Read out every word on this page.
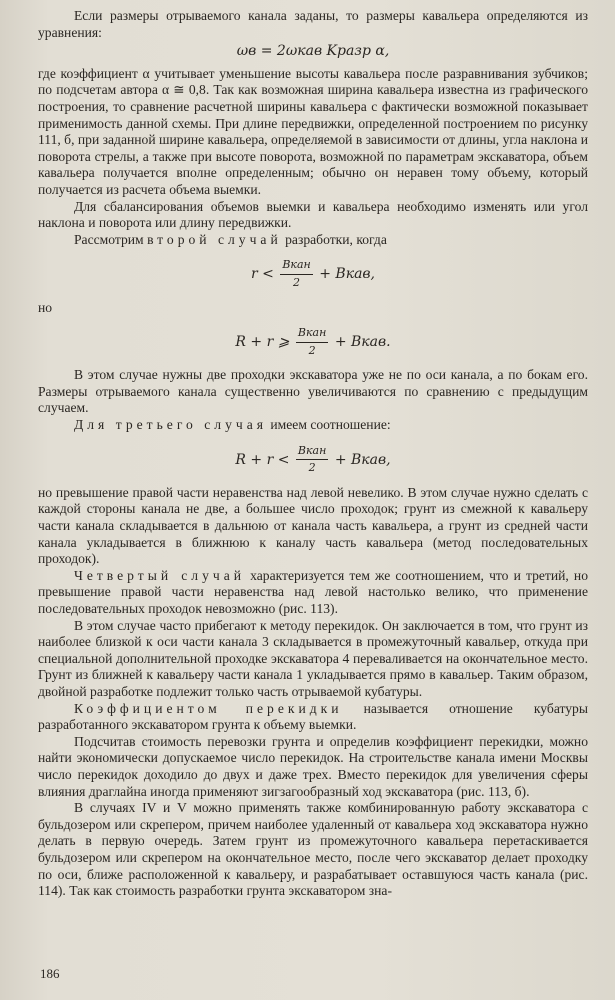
Если размеры отрываемого канала заданы, то размеры кавальера определяются из уравнения:

ωв = 2ωкав Kразр α,

где коэффициент α учитывает уменьшение высоты кавальера после разравнивания зубчиков; по подсчетам автора α ≅ 0,8. Так как возможная ширина кавальера известна из графического построения, то сравнение расчетной ширины кавальера с фактически возможной показывает применимость данной схемы. При длине передвижки, определенной построением по рисунку 111, б, при заданной ширине кавальера, определяемой в зависимости от длины, угла наклона и поворота стрелы, а также при высоте поворота, возможной по параметрам экскаватора, объем кавальера получается вполне определенным; обычно он неравен тому объему, который получается из расчета объема выемки.

Для сбалансирования объемов выемки и кавальера необходимо изменять или угол наклона и поворота или длину передвижки.

Рассмотрим второй случай разработки, когда

$r < \frac{\text{Bкан}}{2}$ + Bкав,

но

R + r ⩾ $\frac{\text{Bкан}}{2}$ + Bкав.

В этом случае нужны две проходки экскаватора уже не по оси канала, а по бокам его. Размеры отрываемого канала существенно увеличиваются по сравнению с предыдущим случаем.

Для третьего случая имеем соотношение:

$R + r < \frac{\text{Bкан}}{2}$ + Bкав,

но превышение правой части неравенства над левой невелико. В этом случае нужно сделать с каждой стороны канала не две, а большее число проходок; грунт из смежной к кавальеру части канала складывается в дальнюю от канала часть кавальера, а грунт из средней части канала укладывается в ближнюю к каналу часть кавальера (метод последовательных проходок).

Четвертый случай характеризуется тем же соотношением, что и третий, но превышение правой части неравенства над левой настолько велико, что применение последовательных проходок невозможно (рис. 113).

В этом случае часто прибегают к методу перекидок. Он заключается в том, что грунт из наиболее близкой к оси части канала 3 складывается в промежуточный кавальер, откуда при специальной дополнительной проходке экскаватора 4 переваливается на окончательное место. Грунт из ближней к кавальеру части канала 1 укладывается прямо в кавальер. Таким образом, двойной разработке подлежит только часть отрываемой кубатуры.

Коэффициентом перекидки называется отношение кубатуры разработанного экскаватором грунта к объему выемки.

Подсчитав стоимость перевозки грунта и определив коэффициент перекидки, можно найти экономически допускаемое число перекидок. На строительстве канала имени Москвы число перекидок доходило до двух и даже трех. Вместо перекидок для увеличения сферы влияния драглайна иногда применяют зигзагообразный ход экскаватора (рис. 113, б).

В случаях IV и V можно применять также комбинированную работу экскаватора с бульдозером или скрепером, причем наиболее удаленный от кавальера ход экскаватора нужно делать в первую очередь. Затем грунт из промежуточного кавальера перетаскивается бульдозером или скрепером на окончательное место, после чего экскаватор делает проходку по оси, ближе расположенной к кавальеру, и разрабатывает оставшуюся часть канала (рис. 114). Так как стоимость разработки грунта экскаватором зна-

186
